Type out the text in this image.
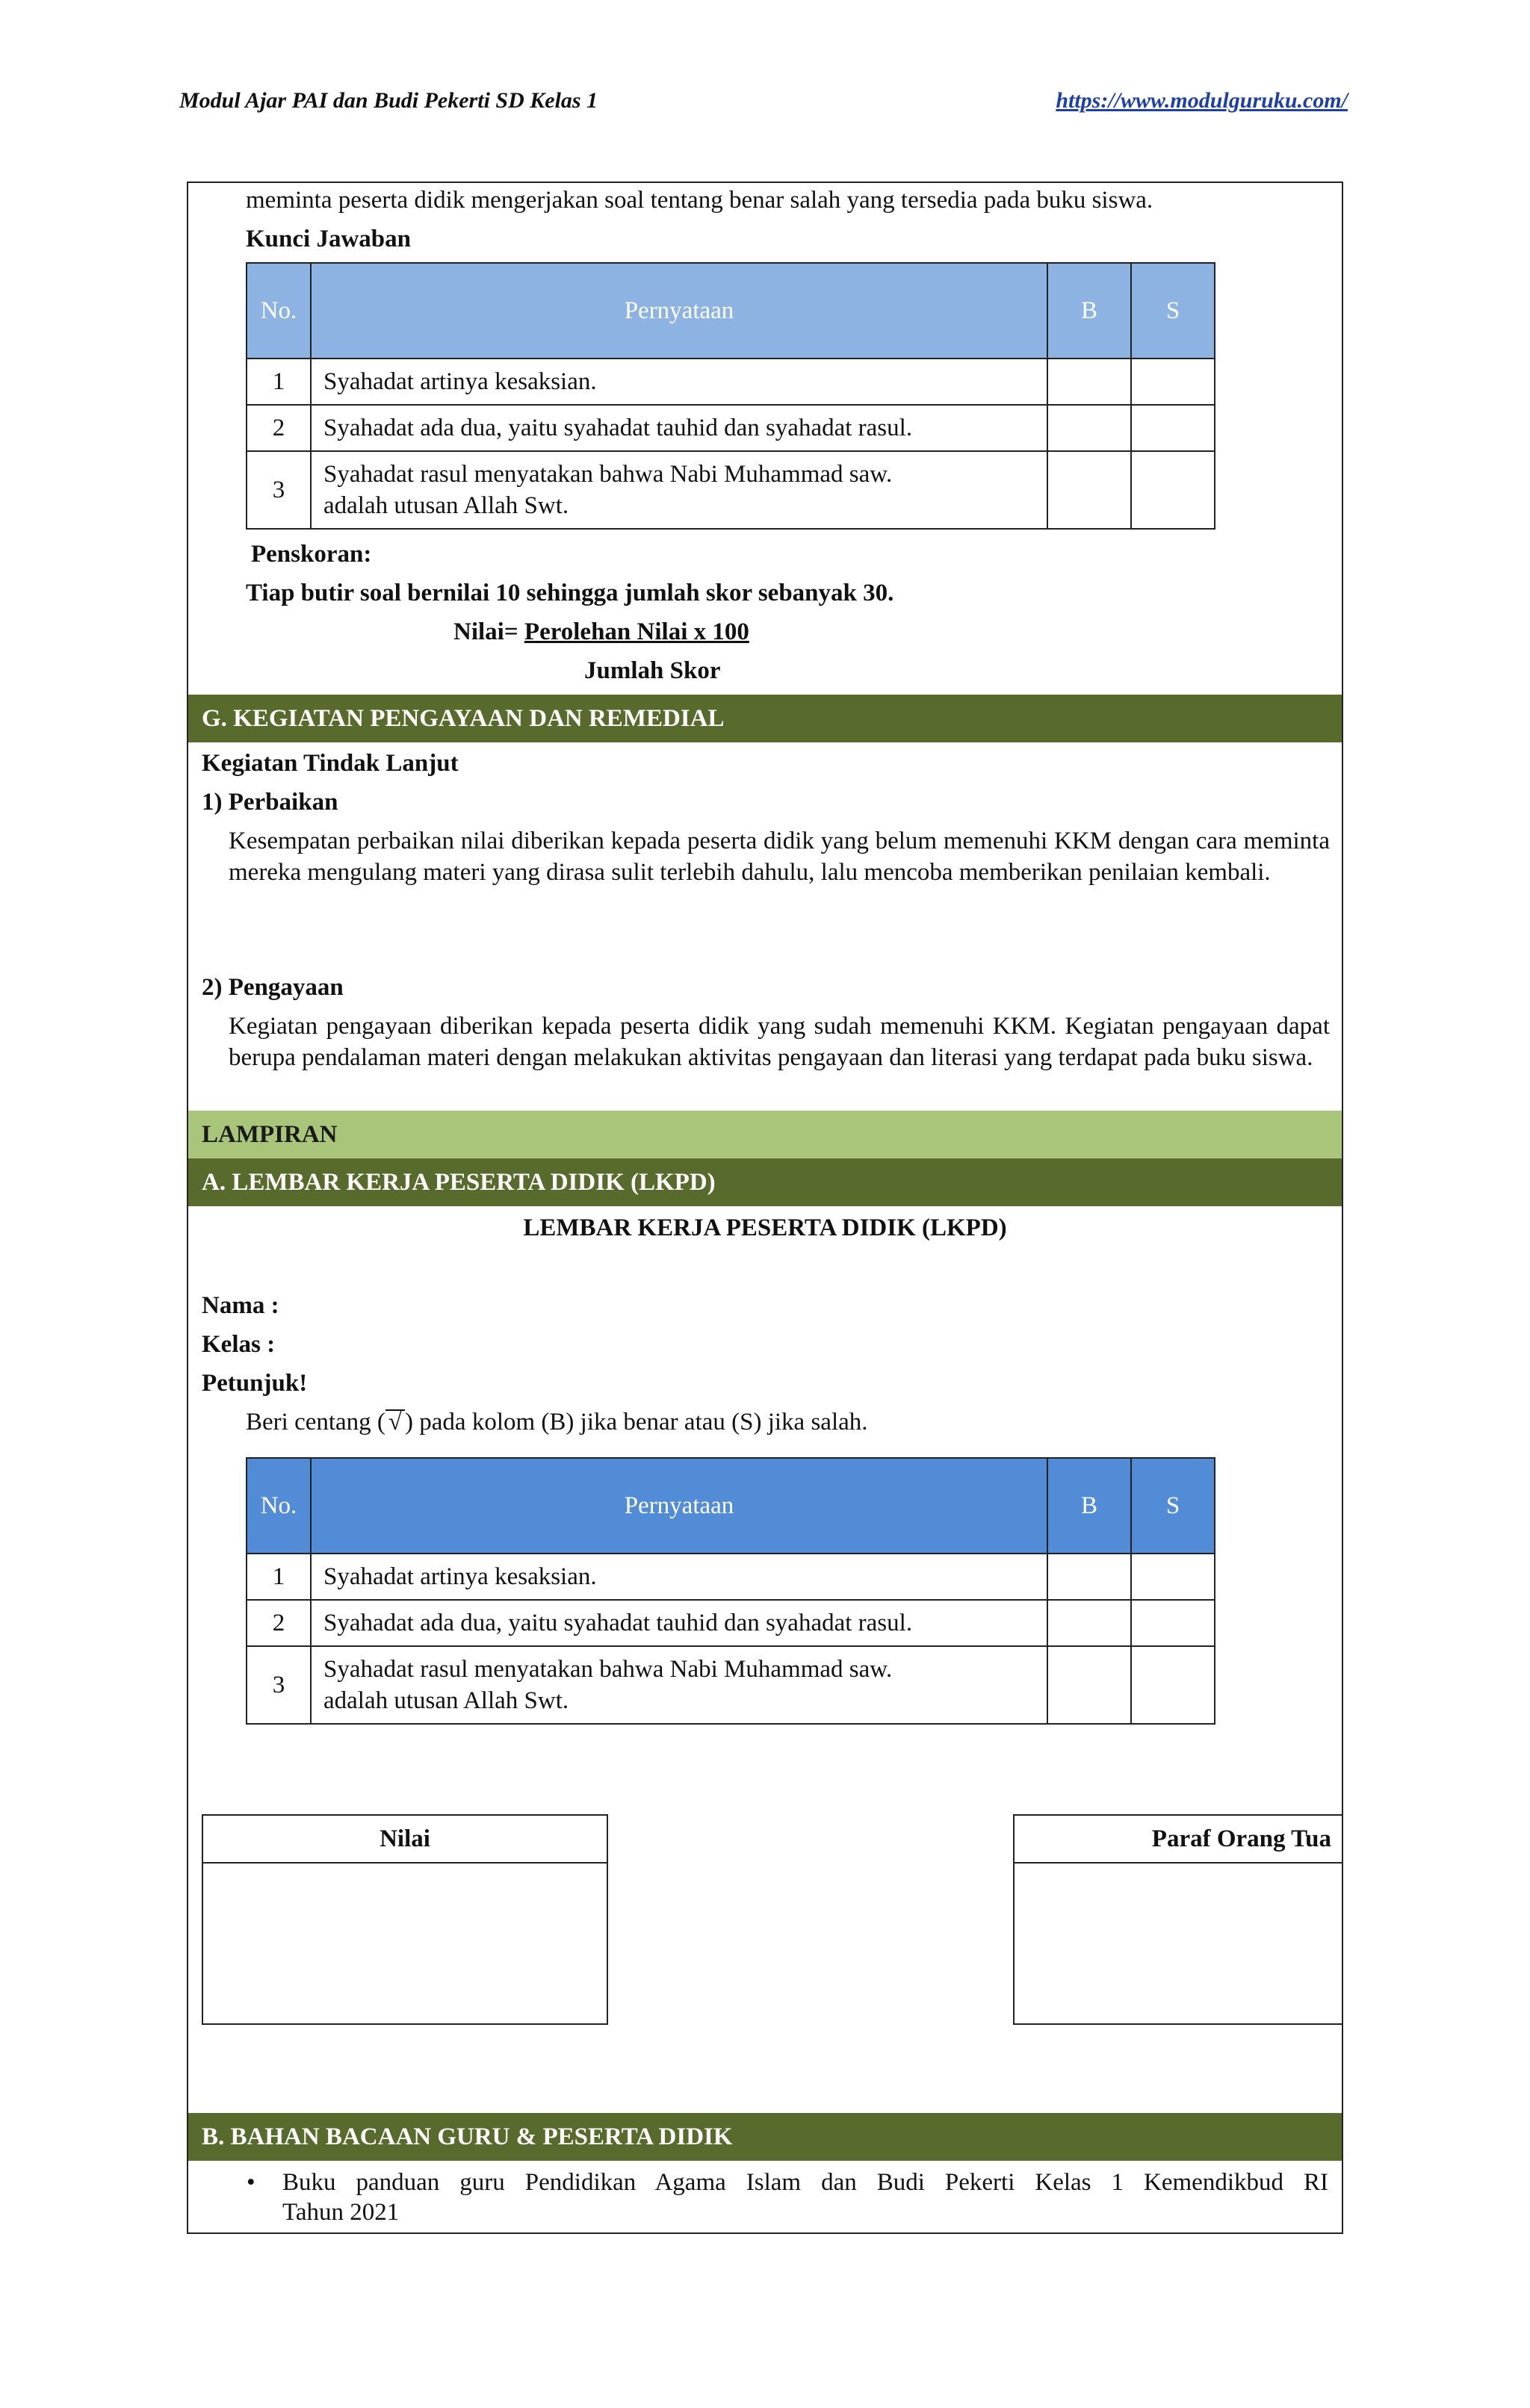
Modul Ajar PAI dan Budi Pekerti SD Kelas 1	https://www.modulguruku.com/
meminta peserta didik mengerjakan soal tentang benar salah yang tersedia pada buku siswa.
Kunci Jawaban
No.	Pernyataan	B	S
1	Syahadat artinya kesaksian.		
2	Syahadat ada dua, yaitu syahadat tauhid dan syahadat rasul.		
3	Syahadat rasul menyatakan bahwa Nabi Muhammad saw.
adalah utusan Allah Swt.		

Penskoran:
Tiap butir soal bernilai 10 sehingga jumlah skor sebanyak 30.
Nilai= Perolehan Nilai x 100
Jumlah Skor
G. KEGIATAN PENGAYAAN DAN REMEDIAL
Kegiatan Tindak Lanjut
1) Perbaikan
Kesempatan perbaikan nilai diberikan kepada peserta didik yang belum memenuhi KKM dengan cara meminta mereka mengulang materi yang dirasa sulit terlebih dahulu, lalu mencoba memberikan penilaian kembali.
2) Pengayaan
Kegiatan pengayaan diberikan kepada peserta didik yang sudah memenuhi KKM. Kegiatan pengayaan dapat berupa pendalaman materi dengan melakukan aktivitas pengayaan dan literasi yang terdapat pada buku siswa.
LAMPIRAN
A. LEMBAR KERJA PESERTA DIDIK (LKPD)
LEMBAR KERJA PESERTA DIDIK (LKPD)
Nama :
Kelas :
Petunjuk!
Beri centang ( √ ) pada kolom (B) jika benar atau (S) jika salah.
No.	Pernyataan	B	S
1	Syahadat artinya kesaksian.		
2	Syahadat ada dua, yaitu syahadat tauhid dan syahadat rasul.		
3	Syahadat rasul menyatakan bahwa Nabi Muhammad saw.
adalah utusan Allah Swt.		

Nilai	Paraf Orang Tua
B. BAHAN BACAAN GURU & PESERTA DIDIK
• Buku panduan guru Pendidikan Agama Islam dan Budi Pekerti Kelas 1 Kemendikbud RI
Tahun 2021
